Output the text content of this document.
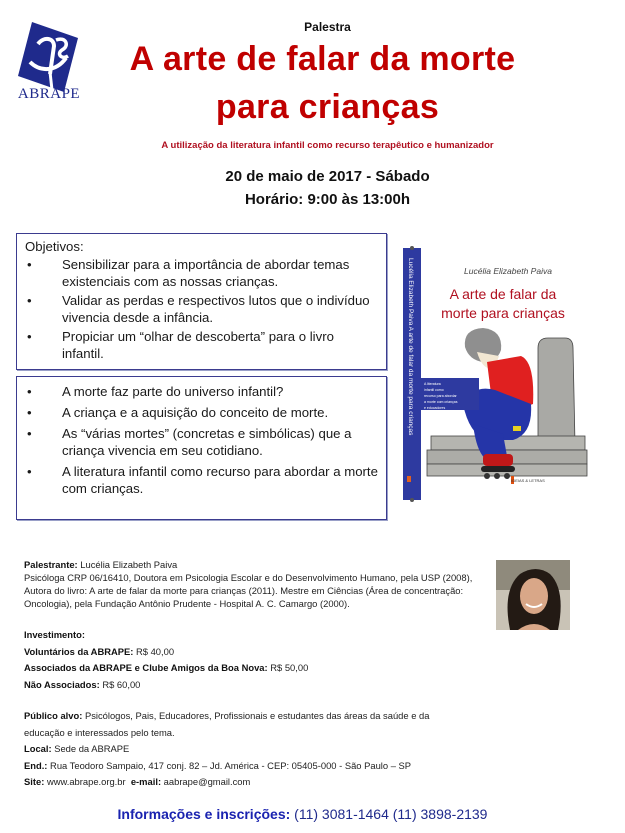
ABRAPE
Palestra
A arte de falar da morte
para crianças
A utilização da literatura infantil como recurso terapêutico e humanizador
20 de maio de 2017 - Sábado
Horário: 9:00 às 13:00h
Objetivos:
• Sensibilizar para a importância de abordar temas existenciais com as nossas crianças.
• Validar as perdas e respectivos lutos que o indivíduo vivencia desde a infância.
• Propiciar um “olhar de descoberta” para o livro infantil.
• A morte faz parte do universo infantil?
• A criança e a aquisição do conceito de morte.
• As “várias mortes” (concretas e simbólicas) que a criança vivencia em seu cotidiano.
• A literatura infantil como recurso para abordar a morte com crianças.
Lucélia Elizabeth Paiva A arte de falar da morte para crianças	Lucélia Elizabeth Paiva
A arte de falar da
morte para crianças
A literatura infantil como recurso para abordar a morte com crianças e educadores
IDEIAS & LETRAS
Palestrante: Lucélia Elizabeth Paiva
Psicóloga CRP 06/16410, Doutora em Psicologia Escolar e do Desenvolvimento Humano, pela USP (2008),
Autora do livro: A arte de falar da morte para crianças (2011). Mestre em Ciências (Área de concentração:
Oncologia), pela Fundação Antônio Prudente - Hospital A. C. Camargo (2000).
Investimento:
Voluntários da ABRAPE: R$ 40,00
Associados da ABRAPE e Clube Amigos da Boa Nova: R$ 50,00
Não Associados: R$ 60,00
Público alvo: Psicólogos, Pais, Educadores, Profissionais e estudantes das áreas da saúde e da
educação e interessados pelo tema.
Local: Sede da ABRAPE
End.: Rua Teodoro Sampaio, 417 conj. 82 – Jd. América - CEP: 05405-000 - São Paulo – SP
Site: www.abrape.org.br e-mail: aabrape@gmail.com
Informações e inscrições: (11) 3081-1464 (11) 3898-2139
